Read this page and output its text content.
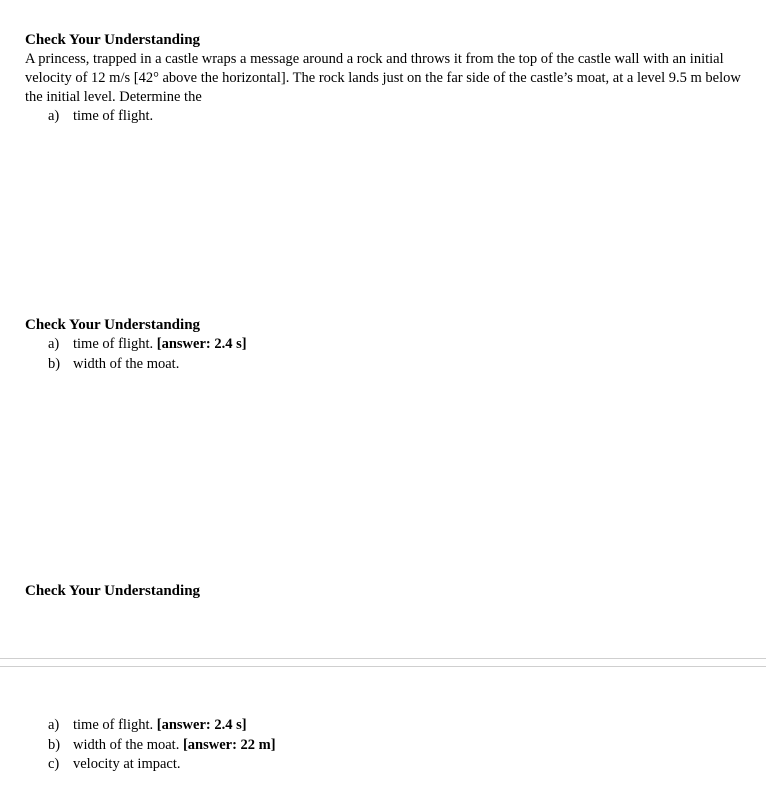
Check Your Understanding

A princess, trapped in a castle wraps a message around a rock and throws it from the top of the castle wall with an initial velocity of 12 m/s [42° above the horizontal]. The rock lands just on the far side of the castle’s moat, at a level 9.5 m below the initial level. Determine the

a) time of flight.
Check Your Understanding
a) time of flight. [answer: 2.4 s]
b) width of the moat.
Check Your Understanding
a) time of flight. [answer: 2.4 s]
b) width of the moat. [answer: 22 m]
c) velocity at impact.
